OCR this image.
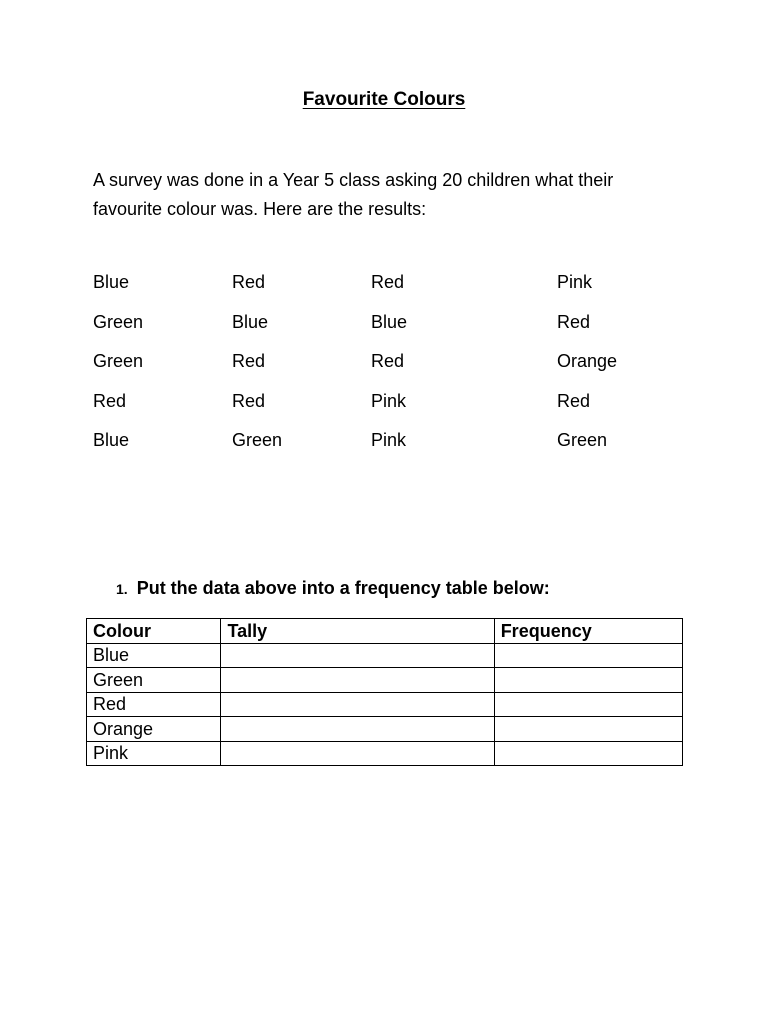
Favourite Colours
A survey was done in a Year 5 class asking 20 children what their favourite colour was. Here are the results:
Blue	Red	Red	Pink
Green	Blue	Blue	Red
Green	Red	Red	Orange
Red	Red	Pink	Red
Blue	Green	Pink	Green
1. Put the data above into a frequency table below:
Colour	Tally	Frequency
Blue		
Green		
Red		
Orange		
Pink		
